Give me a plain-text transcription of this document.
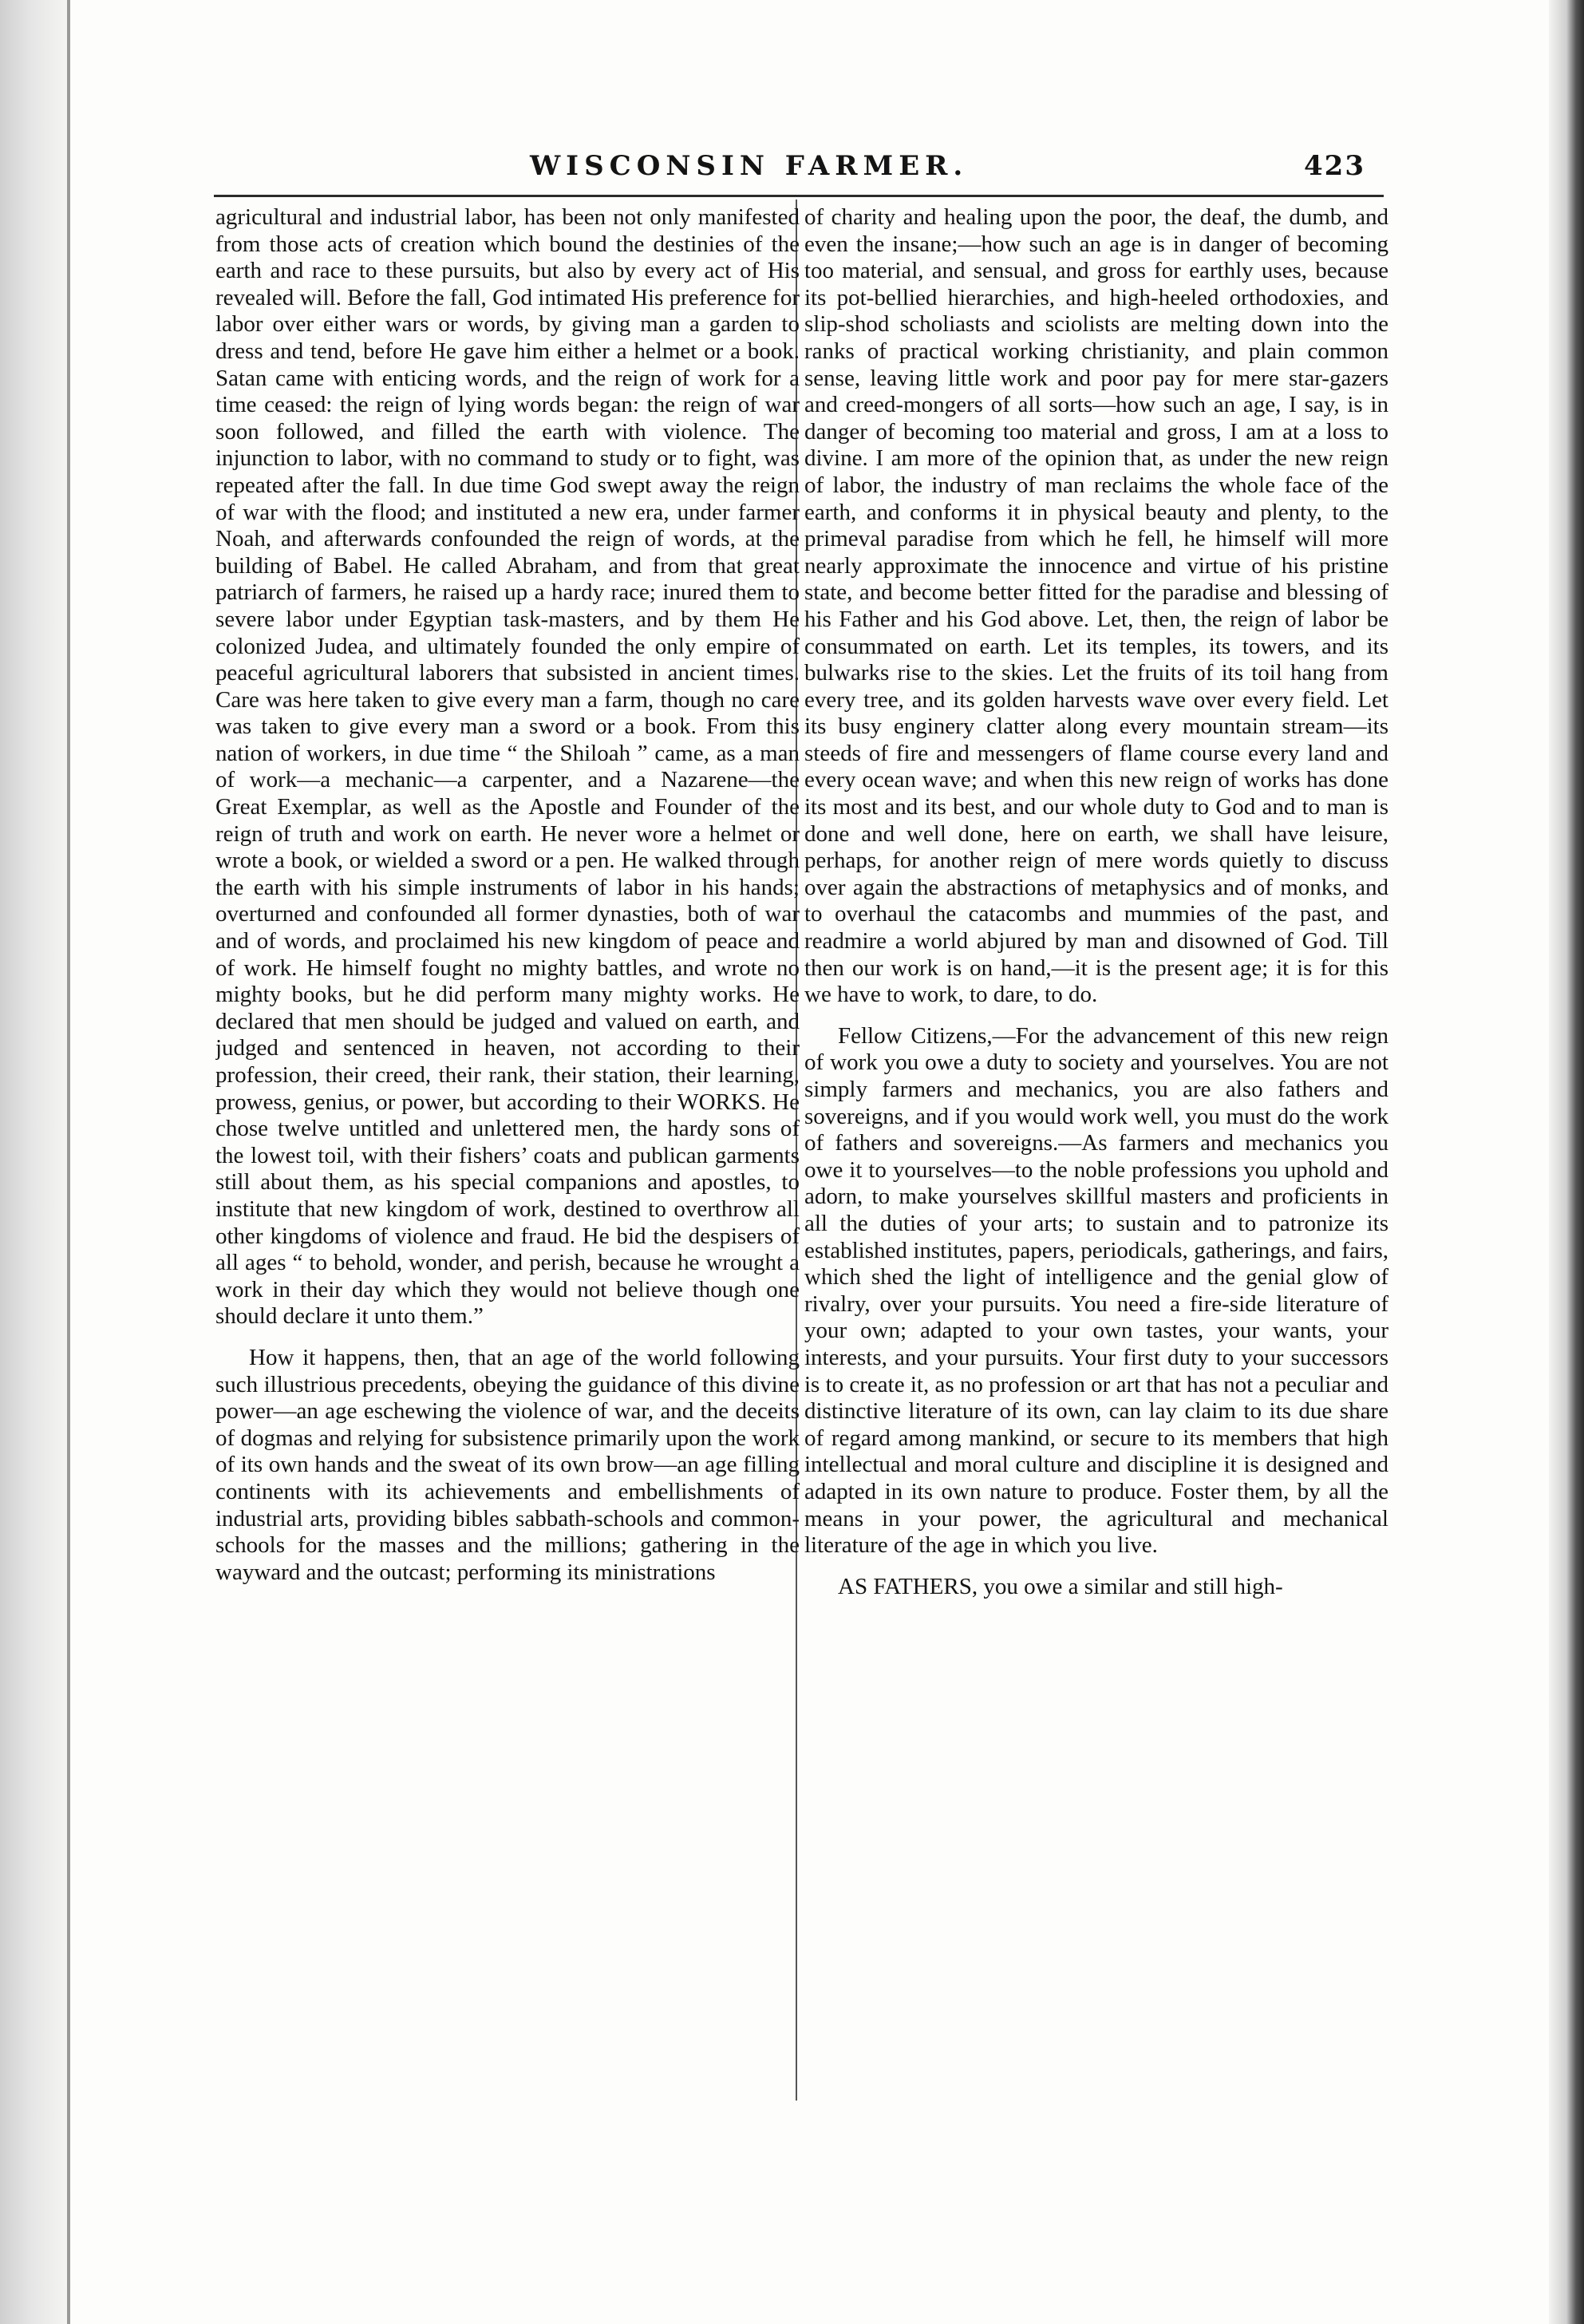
WISCONSIN FARMER.	423

agricultural and industrial labor, has been not only manifested from those acts of creation which bound the destinies of the earth and race to these pursuits, but also by every act of His revealed will. Before the fall, God intimated His preference for labor over either wars or words, by giving man a garden to dress and tend, before He gave him either a helmet or a book. Satan came with enticing words, and the reign of work for a time ceased: the reign of lying words began: the reign of war soon followed, and filled the earth with violence. The injunction to labor, with no command to study or to fight, was repeated after the fall. In due time God swept away the reign of war with the flood; and instituted a new era, under farmer Noah, and afterwards confounded the reign of words, at the building of Babel. He called Abraham, and from that great patriarch of farmers, he raised up a hardy race; inured them to severe labor under Egyptian task-masters, and by them He colonized Judea, and ultimately founded the only empire of peaceful agricultural laborers that subsisted in ancient times. Care was here taken to give every man a farm, though no care was taken to give every man a sword or a book. From this nation of workers, in due time “ the Shiloah ” came, as a man of work—a mechanic—a carpenter, and a Nazarene—the Great Exemplar, as well as the Apostle and Founder of the reign of truth and work on earth. He never wore a helmet or wrote a book, or wielded a sword or a pen. He walked through the earth with his simple instruments of labor in his hands; overturned and confounded all former dynasties, both of war and of words, and proclaimed his new kingdom of peace and of work. He himself fought no mighty battles, and wrote no mighty books, but he did perform many mighty works. He declared that men should be judged and valued on earth, and judged and sentenced in heaven, not according to their profession, their creed, their rank, their station, their learning, prowess, genius, or power, but according to their WORKS. He chose twelve untitled and unlettered men, the hardy sons of the lowest toil, with their fishers’ coats and publican garments still about them, as his special companions and apostles, to institute that new kingdom of work, destined to overthrow all other kingdoms of violence and fraud. He bid the despisers of all ages “ to behold, wonder, and perish, because he wrought a work in their day which they would not believe though one should declare it unto them.”

How it happens, then, that an age of the world following such illustrious precedents, obeying the guidance of this divine power—an age eschewing the violence of war, and the deceits of dogmas and relying for subsistence primarily upon the work of its own hands and the sweat of its own brow—an age filling continents with its achievements and embellishments of industrial arts, providing bibles sabbath-schools and common-schools for the masses and the millions; gathering in the wayward and the outcast; performing its ministrations

of charity and healing upon the poor, the deaf, the dumb, and even the insane;—how such an age is in danger of becoming too material, and sensual, and gross for earthly uses, because its pot-bellied hierarchies, and high-heeled orthodoxies, and slip-shod scholiasts and sciolists are melting down into the ranks of practical working christianity, and plain common sense, leaving little work and poor pay for mere star-gazers and creed-mongers of all sorts—how such an age, I say, is in danger of becoming too material and gross, I am at a loss to divine. I am more of the opinion that, as under the new reign of labor, the industry of man reclaims the whole face of the earth, and conforms it in physical beauty and plenty, to the primeval paradise from which he fell, he himself will more nearly approximate the innocence and virtue of his pristine state, and become better fitted for the paradise and blessing of his Father and his God above. Let, then, the reign of labor be consummated on earth. Let its temples, its towers, and its bulwarks rise to the skies. Let the fruits of its toil hang from every tree, and its golden harvests wave over every field. Let its busy enginery clatter along every mountain stream—its steeds of fire and messengers of flame course every land and every ocean wave; and when this new reign of works has done its most and its best, and our whole duty to God and to man is done and well done, here on earth, we shall have leisure, perhaps, for another reign of mere words quietly to discuss over again the abstractions of metaphysics and of monks, and to overhaul the catacombs and mummies of the past, and readmire a world abjured by man and disowned of God. Till then our work is on hand,—it is the present age; it is for this we have to work, to dare, to do.

Fellow Citizens,—For the advancement of this new reign of work you owe a duty to society and yourselves. You are not simply farmers and mechanics, you are also fathers and sovereigns, and if you would work well, you must do the work of fathers and sovereigns.—As farmers and mechanics you owe it to yourselves—to the noble professions you uphold and adorn, to make yourselves skillful masters and proficients in all the duties of your arts; to sustain and to patronize its established institutes, papers, periodicals, gatherings, and fairs, which shed the light of intelligence and the genial glow of rivalry, over your pursuits. You need a fire-side literature of your own; adapted to your own tastes, your wants, your interests, and your pursuits. Your first duty to your successors is to create it, as no profession or art that has not a peculiar and distinctive literature of its own, can lay claim to its due share of regard among mankind, or secure to its members that high intellectual and moral culture and discipline it is designed and adapted in its own nature to produce. Foster them, by all the means in your power, the agricultural and mechanical literature of the age in which you live.

AS FATHERS, you owe a similar and still high-
